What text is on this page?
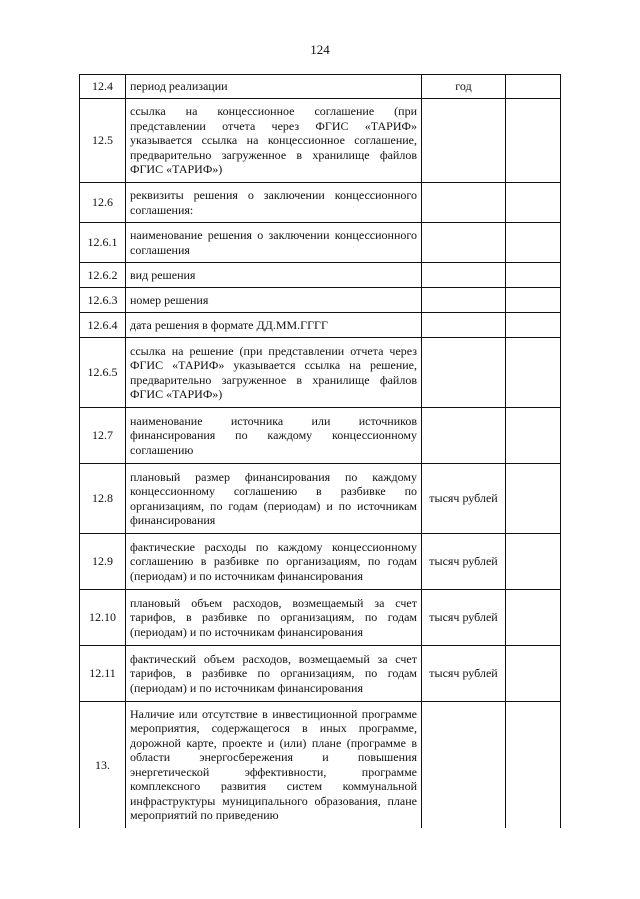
124
12.4	период реализации	год	
12.5	ссылка на концессионное соглашение (при представлении отчета через ФГИС «ТАРИФ» указывается ссылка на концессионное соглашение, предварительно загруженное в хранилище файлов ФГИС «ТАРИФ»)		
12.6	реквизиты решения о заключении концессионного соглашения:		
12.6.1	наименование решения о заключении концессионного соглашения		
12.6.2	вид решения		
12.6.3	номер решения		
12.6.4	дата решения в формате ДД.ММ.ГГГГ		
12.6.5	ссылка на решение (при представлении отчета через ФГИС «ТАРИФ» указывается ссылка на решение, предварительно загруженное в хранилище файлов ФГИС «ТАРИФ»)		
12.7	наименование источника или источников финансирования по каждому концессионному соглашению		
12.8	плановый размер финансирования по каждому концессионному соглашению в разбивке по организациям, по годам (периодам) и по источникам финансирования	тысяч рублей	
12.9	фактические расходы по каждому концессионному соглашению в разбивке по организациям, по годам (периодам) и по источникам финансирования	тысяч рублей	
12.10	плановый объем расходов, возмещаемый за счет тарифов, в разбивке по организациям, по годам (периодам) и по источникам финансирования	тысяч рублей	
12.11	фактический объем расходов, возмещаемый за счет тарифов, в разбивке по организациям, по годам (периодам) и по источникам финансирования	тысяч рублей	
13.	Наличие или отсутствие в инвестиционной программе мероприятия, содержащегося в иных программе, дорожной карте, проекте и (или) плане (программе в области энергосбережения и повышения энергетической эффективности, программе комплексного развития систем коммунальной инфраструктуры муниципального образования, плане мероприятий по приведению		
